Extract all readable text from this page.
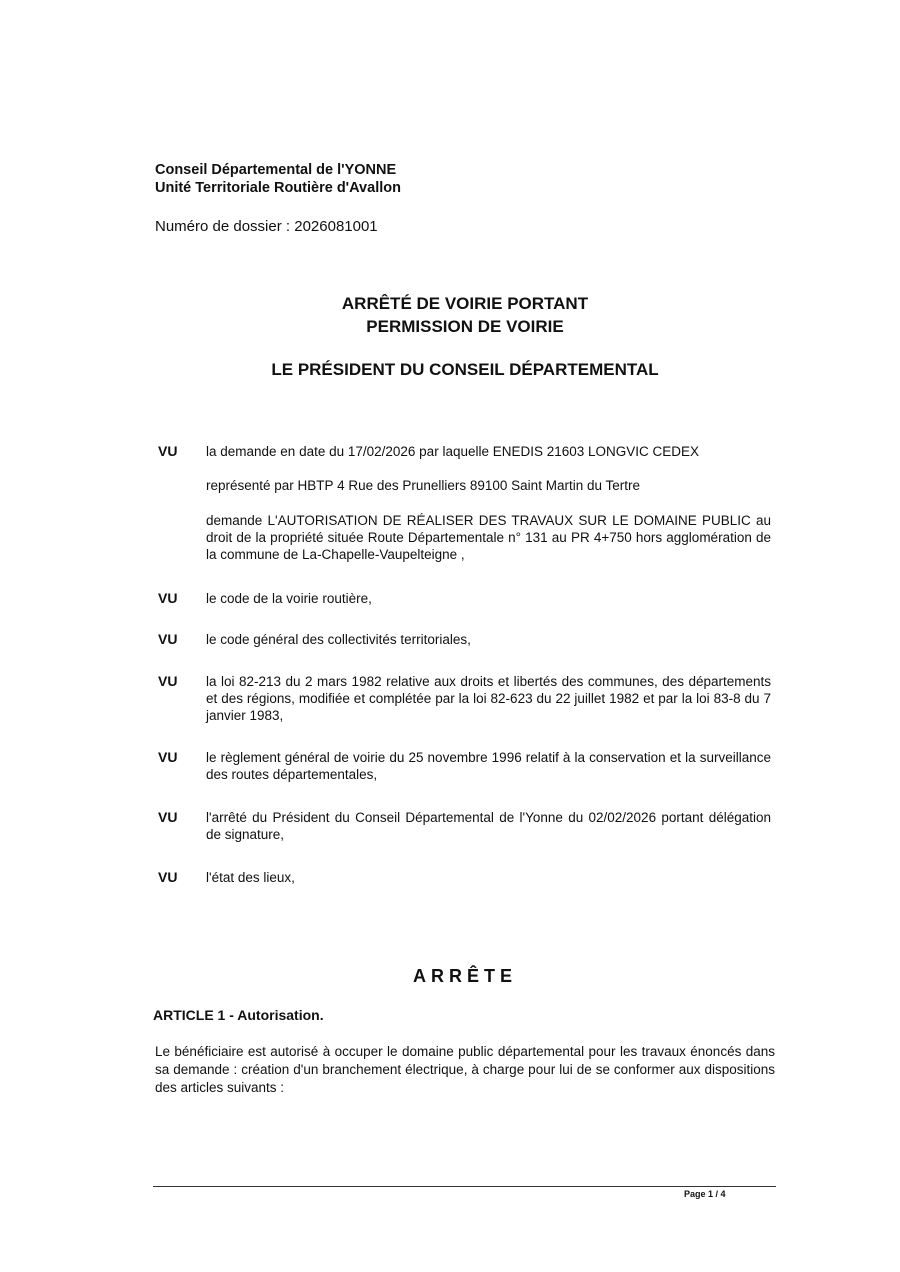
Conseil Départemental de l'YONNE
Unité Territoriale Routière d'Avallon
Numéro de dossier : 2026081001
ARRÊTÉ DE VOIRIE PORTANT
PERMISSION DE VOIRIE
LE PRÉSIDENT DU CONSEIL DÉPARTEMENTAL
VU la demande en date du 17/02/2026 par laquelle ENEDIS 21603 LONGVIC CEDEX
représenté par HBTP 4 Rue des Prunelliers 89100 Saint Martin du Tertre
demande L'AUTORISATION DE RÉALISER DES TRAVAUX SUR LE DOMAINE PUBLIC au droit de la propriété située Route Départementale n° 131 au PR 4+750 hors agglomération de la commune de La-Chapelle-Vaupelteigne ,
VU le code de la voirie routière,
VU le code général des collectivités territoriales,
VU la loi 82-213 du 2 mars 1982 relative aux droits et libertés des communes, des départements et des régions, modifiée et complétée par la loi 82-623 du 22 juillet 1982 et par la loi 83-8 du 7 janvier 1983,
VU le règlement général de voirie du 25 novembre 1996 relatif à la conservation et la surveillance des routes départementales,
VU l'arrêté du Président du Conseil Départemental de l'Yonne du 02/02/2026 portant délégation de signature,
VU l'état des lieux,
ARRÊTE
ARTICLE 1 - Autorisation.
Le bénéficiaire est autorisé à occuper le domaine public départemental pour les travaux énoncés dans sa demande : création d'un branchement électrique, à charge pour lui de se conformer aux dispositions des articles suivants :
Page 1 / 4
